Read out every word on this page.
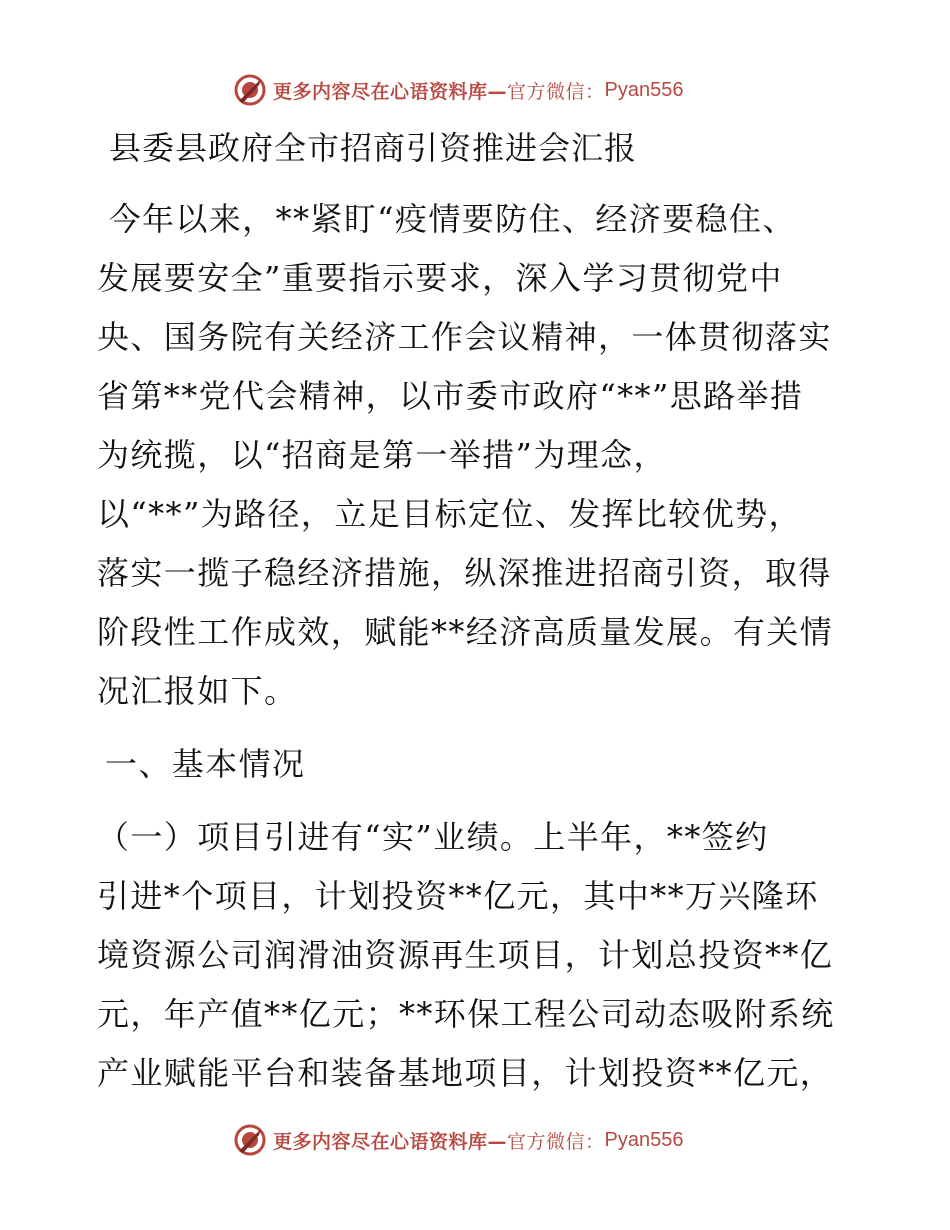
更多内容尽在心语资料库— 官方微信： Pyan556
县委县政府全市招商引资推进会汇报

今年以来，**紧盯“疫情要防住、经济要稳住、
发展要安全”重要指示要求，深入学习贯彻党中
央、国务院有关经济工作会议精神，一体贯彻落实
省第**党代会精神，以市委市政府“**”思路举措
为统揽，以“招商是第一举措”为理念，
以“**”为路径，立足目标定位、发挥比较优势，
落实一揽子稳经济措施，纵深推进招商引资，取得
阶段性工作成效，赋能**经济高质量发展。有关情
况汇报如下。

一、基本情况

（一）项目引进有“实”业绩。上半年，**签约
引进*个项目，计划投资**亿元，其中**万兴隆环
境资源公司润滑油资源再生项目，计划总投资**亿
元，年产值**亿元；**环保工程公司动态吸附系统
产业赋能平台和装备基地项目，计划投资**亿元，

更多内容尽在心语资料库— 官方微信： Pyan556
